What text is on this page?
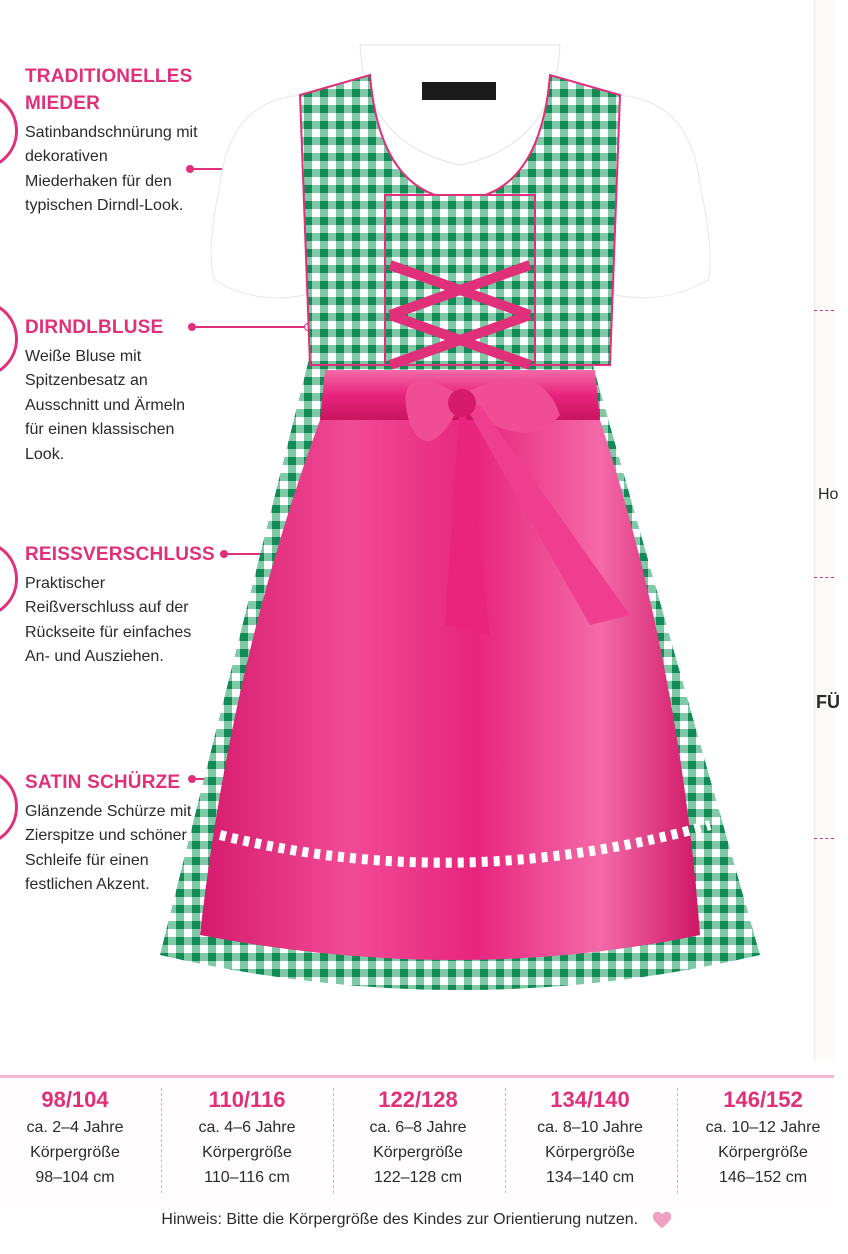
Ho
FÜ
TRADITIONELLES MIEDER

Satinbandschnürung mit dekorativen Miederhaken für den typischen Dirndl-Look.

DIRNDLBLUSE

Weiße Bluse mit Spitzenbesatz an Ausschnitt und Ärmeln für einen klassischen Look.

REISSVERSCHLUSS

Praktischer Reißverschluss auf der Rückseite für einfaches An- und Ausziehen.

SATIN SCHÜRZE

Glänzende Schürze mit Zierspitze und schöner Schleife für einen festlichen Akzent.

98/104
ca. 2–4 Jahre
Körpergröße
98–104 cm
110/116
ca. 4–6 Jahre
Körpergröße
110–116 cm
122/128
ca. 6–8 Jahre
Körpergröße
122–128 cm
134/140
ca. 8–10 Jahre
Körpergröße
134–140 cm
146/152
ca. 10–12 Jahre
Körpergröße
146–152 cm
Hinweis: Bitte die Körpergröße des Kindes zur Orientierung nutzen.
